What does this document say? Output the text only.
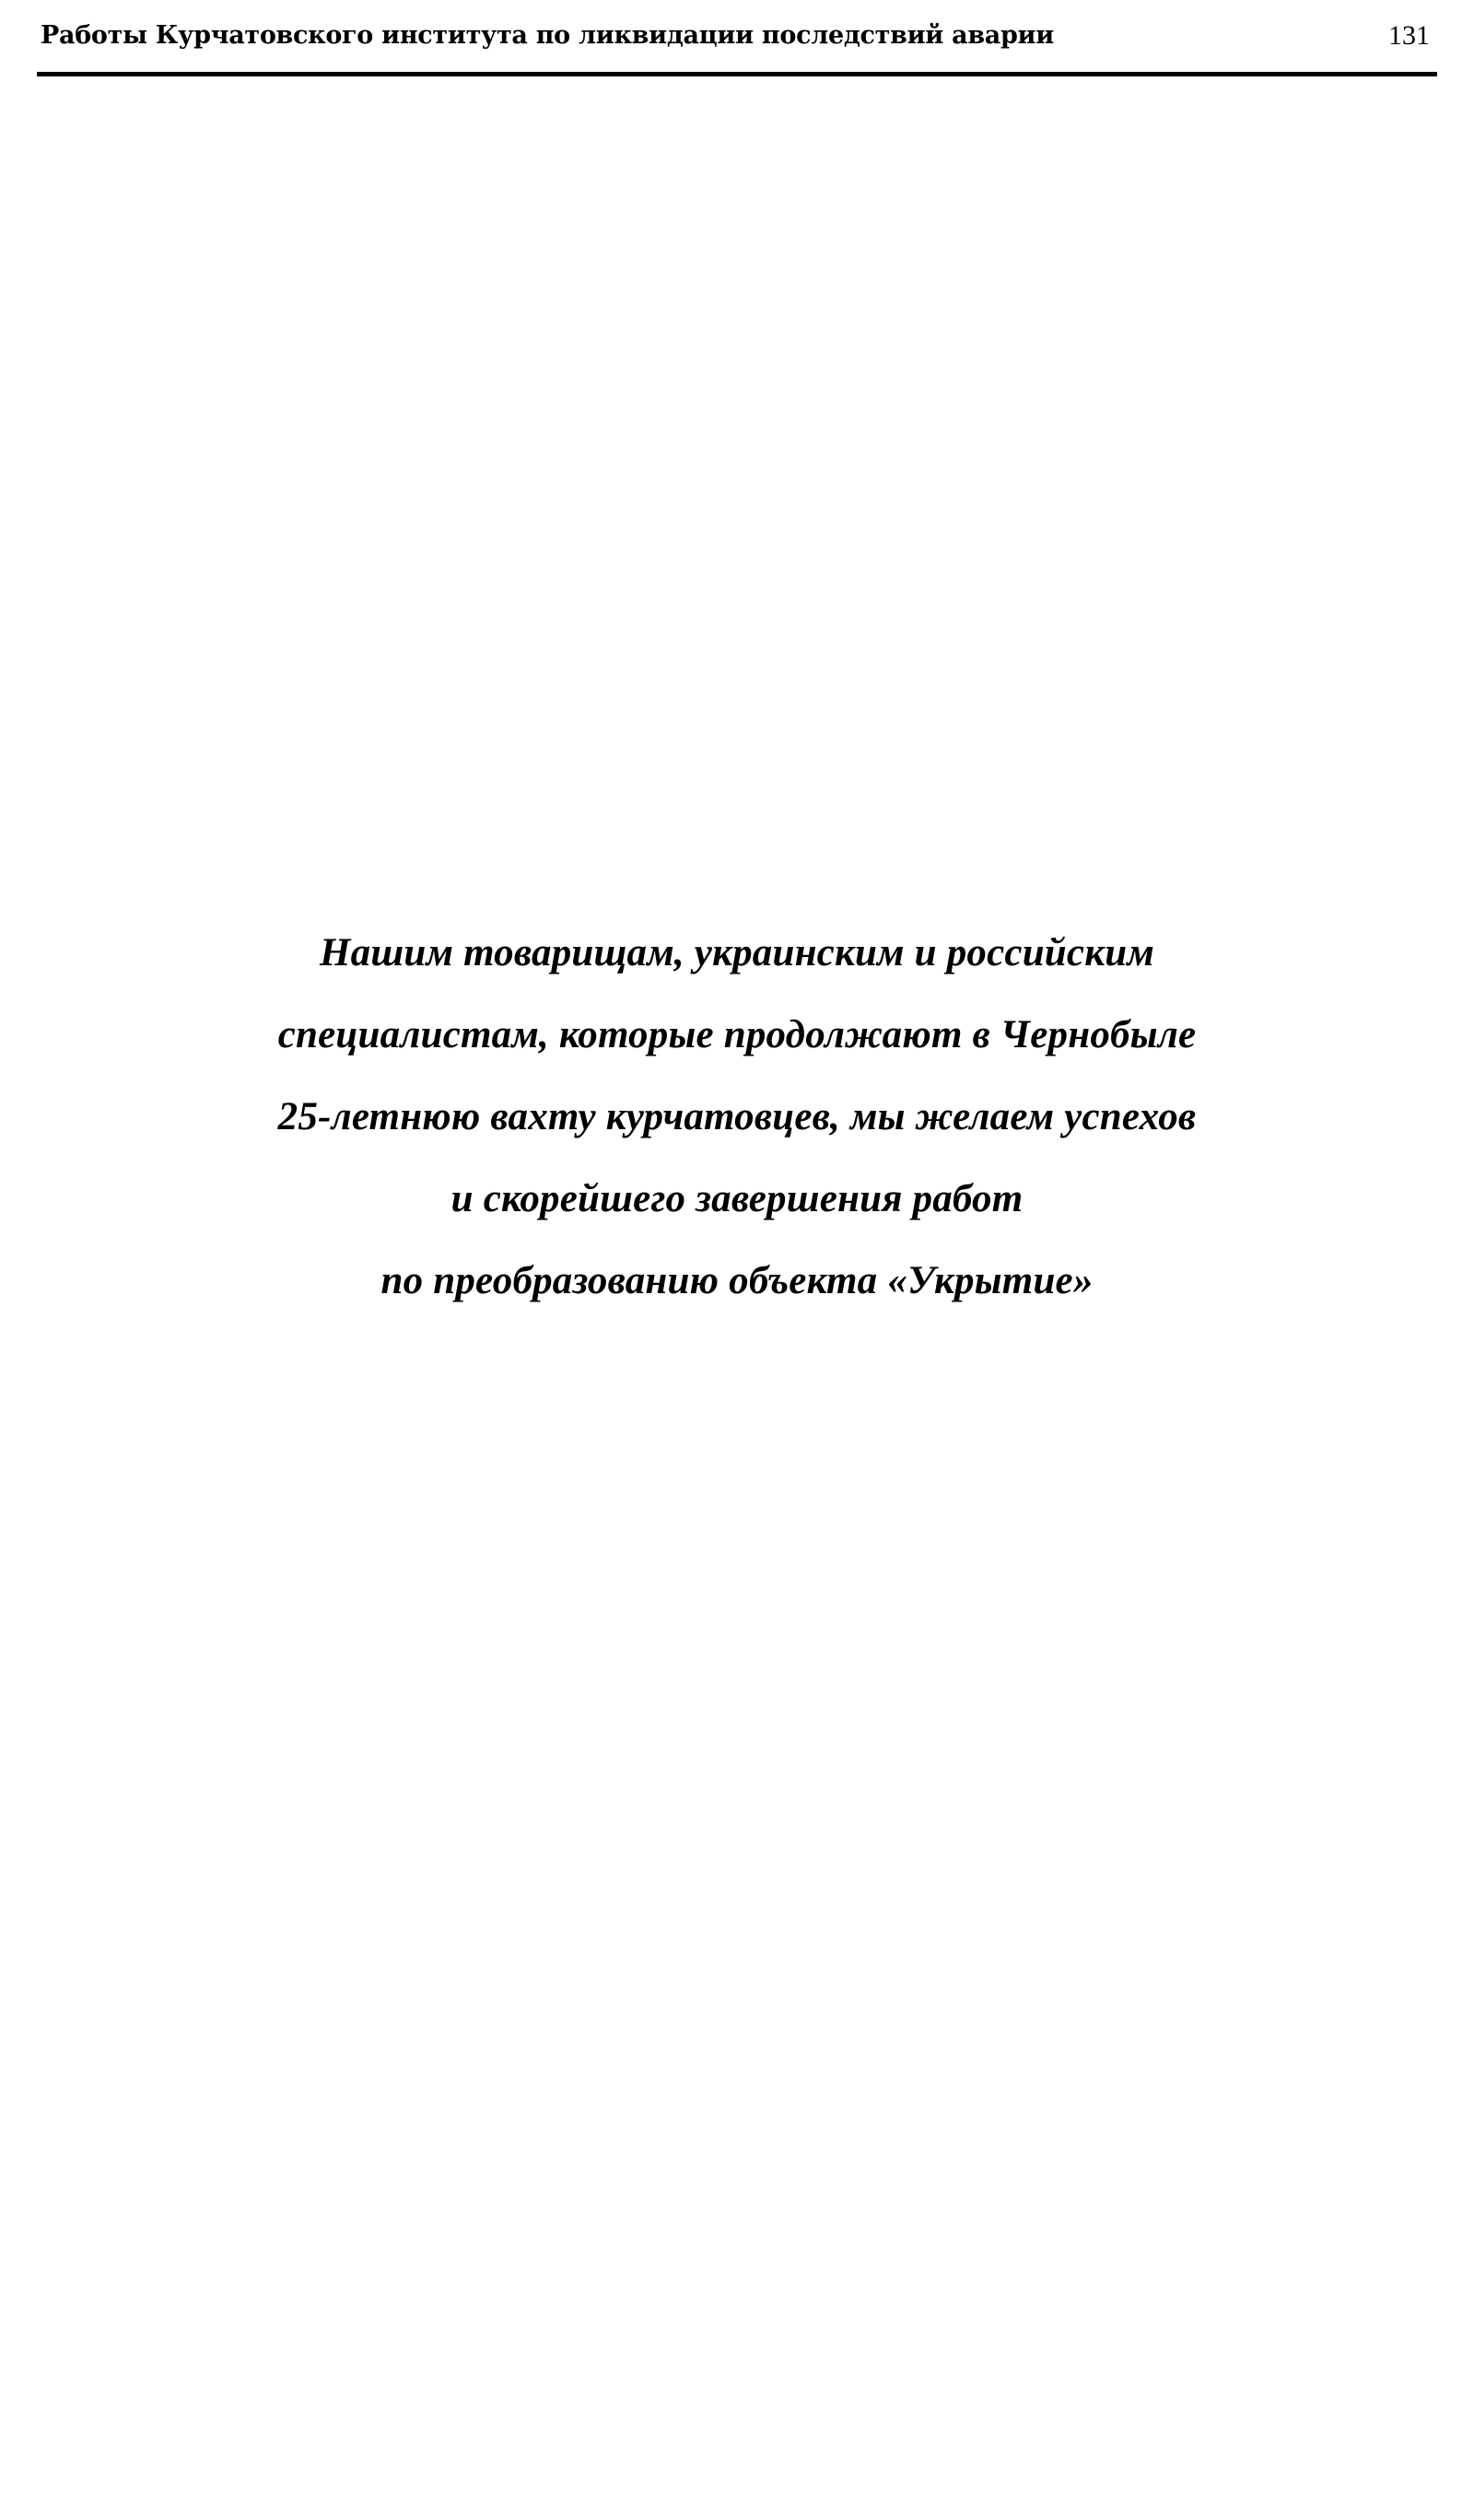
Работы Курчатовского института по ликвидации последствий аварии	131
Нашим товарищам, украинским и российским
специалистам, которые продолжают в Чернобыле
25-летнюю вахту курчатовцев, мы желаем успехов
и скорейшего завершения работ
по преобразованию объекта «Укрытие»
